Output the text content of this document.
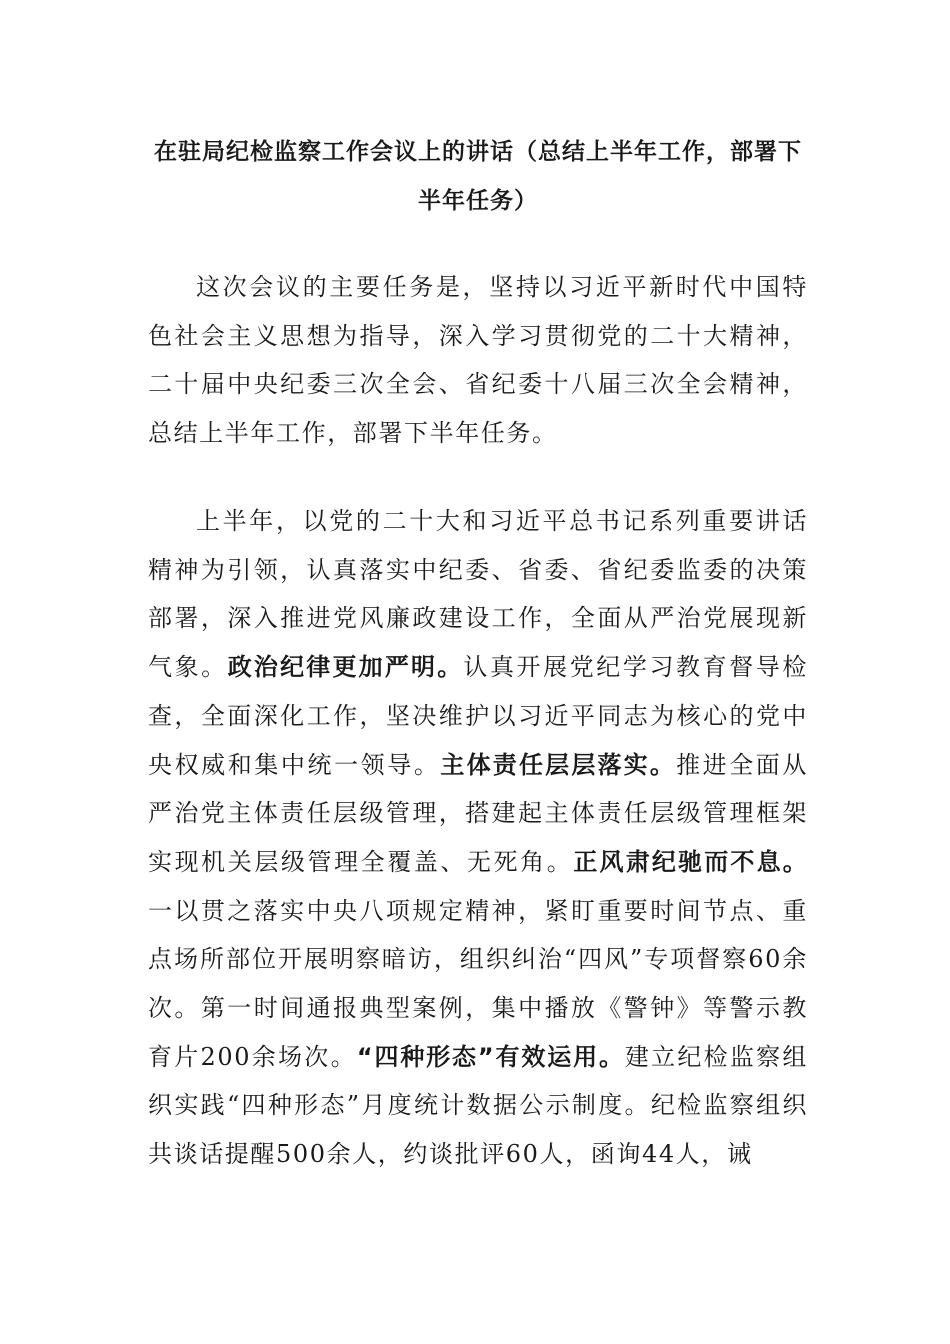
在驻局纪检监察工作会议上的讲话（总结上半年工作，部署下半年任务）

这次会议的主要任务是，坚持以习近平新时代中国特色社会主义思想为指导，深入学习贯彻党的二十大精神，二十届中央纪委三次全会、省纪委十八届三次全会精神，总结上半年工作，部署下半年任务。

上半年，以党的二十大和习近平总书记系列重要讲话精神为引领，认真落实中纪委、省委、省纪委监委的决策部署，深入推进党风廉政建设工作，全面从严治党展现新气象。政治纪律更加严明。认真开展党纪学习教育督导检查，全面深化工作，坚决维护以习近平同志为核心的党中央权威和集中统一领导。主体责任层层落实。推进全面从严治党主体责任层级管理，搭建起主体责任层级管理框架实现机关层级管理全覆盖、无死角。正风肃纪驰而不息。一以贯之落实中央八项规定精神，紧盯重要时间节点、重点场所部位开展明察暗访，组织纠治“四风”专项督察60余次。第一时间通报典型案例，集中播放《警钟》等警示教育片200余场次。“四种形态”有效运用。建立纪检监察组织实践“四种形态”月度统计数据公示制度。纪检监察组织共谈话提醒500余人，约谈批评60人，函询44人，诫
